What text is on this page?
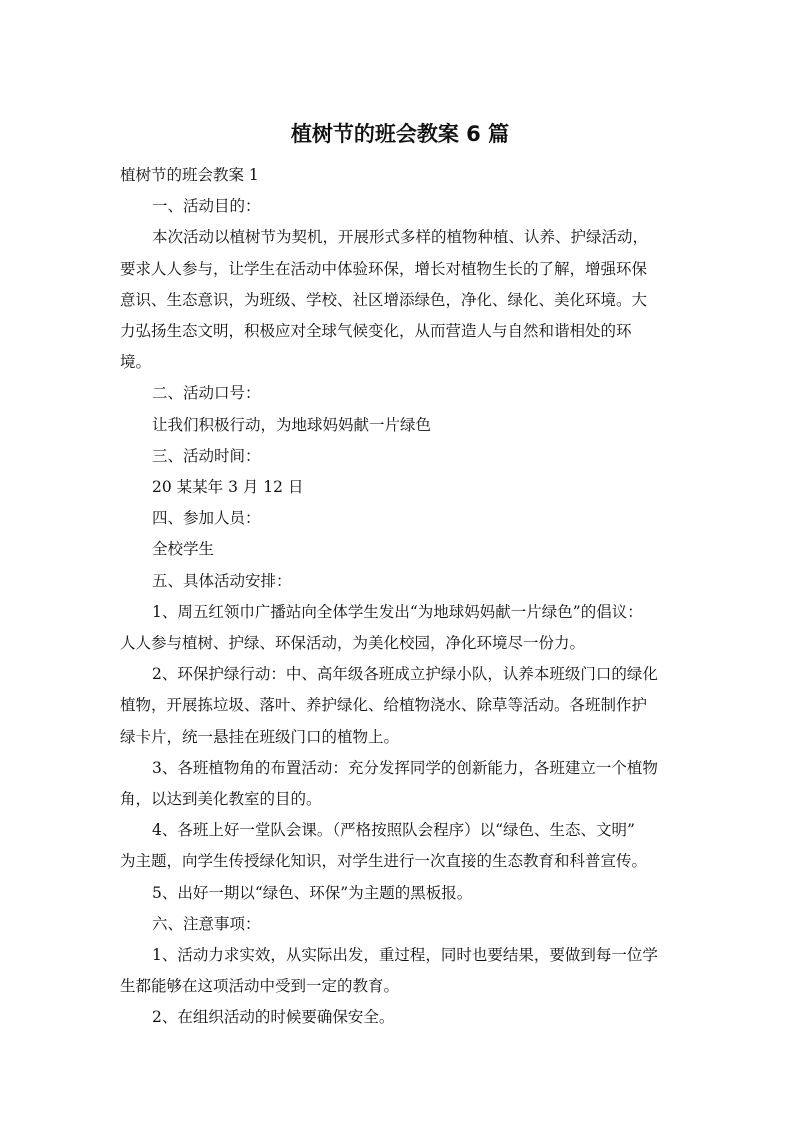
植树节的班会教案 6 篇

植树节的班会教案 1

一、活动目的：

本次活动以植树节为契机，开展形式多样的植物种植、认养、护绿活动，

要求人人参与，让学生在活动中体验环保，增长对植物生长的了解，增强环保

意识、生态意识，为班级、学校、社区增添绿色，净化、绿化、美化环境。大

力弘扬生态文明，积极应对全球气候变化，从而营造人与自然和谐相处的环

境。

二、活动口号：

让我们积极行动，为地球妈妈献一片绿色

三、活动时间：

20 某某年 3 月 12 日

四、参加人员：

全校学生

五、具体活动安排：

1、周五红领巾广播站向全体学生发出“为地球妈妈献一片绿色”的倡议：

人人参与植树、护绿、环保活动，为美化校园，净化环境尽一份力。

2、环保护绿行动：中、高年级各班成立护绿小队，认养本班级门口的绿化

植物，开展拣垃圾、落叶、养护绿化、给植物浇水、除草等活动。各班制作护

绿卡片，统一悬挂在班级门口的植物上。

3、各班植物角的布置活动：充分发挥同学的创新能力，各班建立一个植物

角，以达到美化教室的目的。

4、各班上好一堂队会课。（严格按照队会程序）以“绿色、生态、文明”

为主题，向学生传授绿化知识，对学生进行一次直接的生态教育和科普宣传。

5、出好一期以“绿色、环保”为主题的黑板报。

六、注意事项：

1、活动力求实效，从实际出发，重过程，同时也要结果，要做到每一位学

生都能够在这项活动中受到一定的教育。

2、在组织活动的时候要确保安全。
